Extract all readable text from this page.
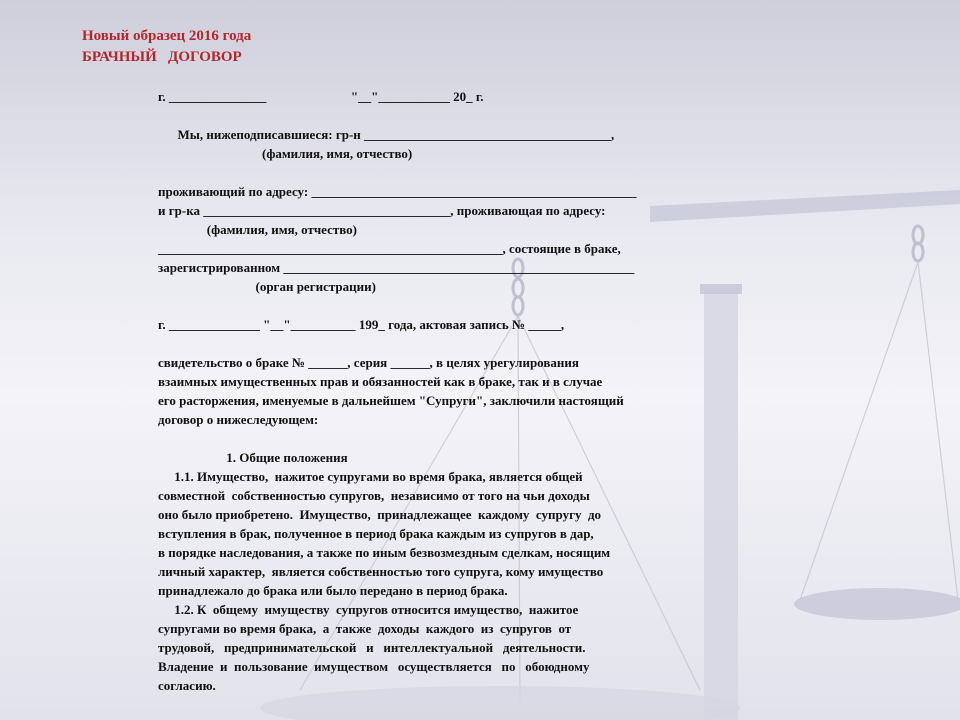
Новый образец 2016 года
БРАЧНЫЙ   ДОГОВОР
г. _______________                          "__"___________ 20_ г.
Мы, нижеподписавшиеся: гр-н ______________________________________,
(фамилия, имя, отчество)
проживающий по адресу: __________________________________________________
и гр-ка ______________________________________, проживающая по адресу:
(фамилия, имя, отчество)
_____________________________________________________, состоящие в браке,
зарегистрированном ______________________________________________________
(орган регистрации)
г. ______________ "__"__________ 199_ года, актовая запись № _____,
свидетельство о браке № ______, серия ______, в целях урегулирования
взаимных имущественных прав и обязанностей как в браке, так и в случае
его расторжения, именуемые в дальнейшем "Супруги", заключили настоящий
договор о нижеследующем:
1. Общие положения
1.1. Имущество,  нажитое супругами во время брака, является общей
совместной  собственностью супругов,  независимо от того на чьи доходы
оно было приобретено.  Имущество,  принадлежащее  каждому  супругу  до
вступления в брак, полученное в период брака каждым из супругов в дар,
в порядке наследования, а также по иным безвозмездным сделкам, носящим
личный характер,  является собственностью того супруга, кому имущество
принадлежало до брака или было передано в период брака.
1.2. К  общему  имуществу  супругов относится имущество,  нажитое
супругами во время брака,  а  также  доходы  каждого  из  супругов  от
трудовой,   предпринимательской   и   интеллектуальной   деятельности.
Владение  и  пользование  имуществом   осуществляется   по   обоюдному
согласию.
